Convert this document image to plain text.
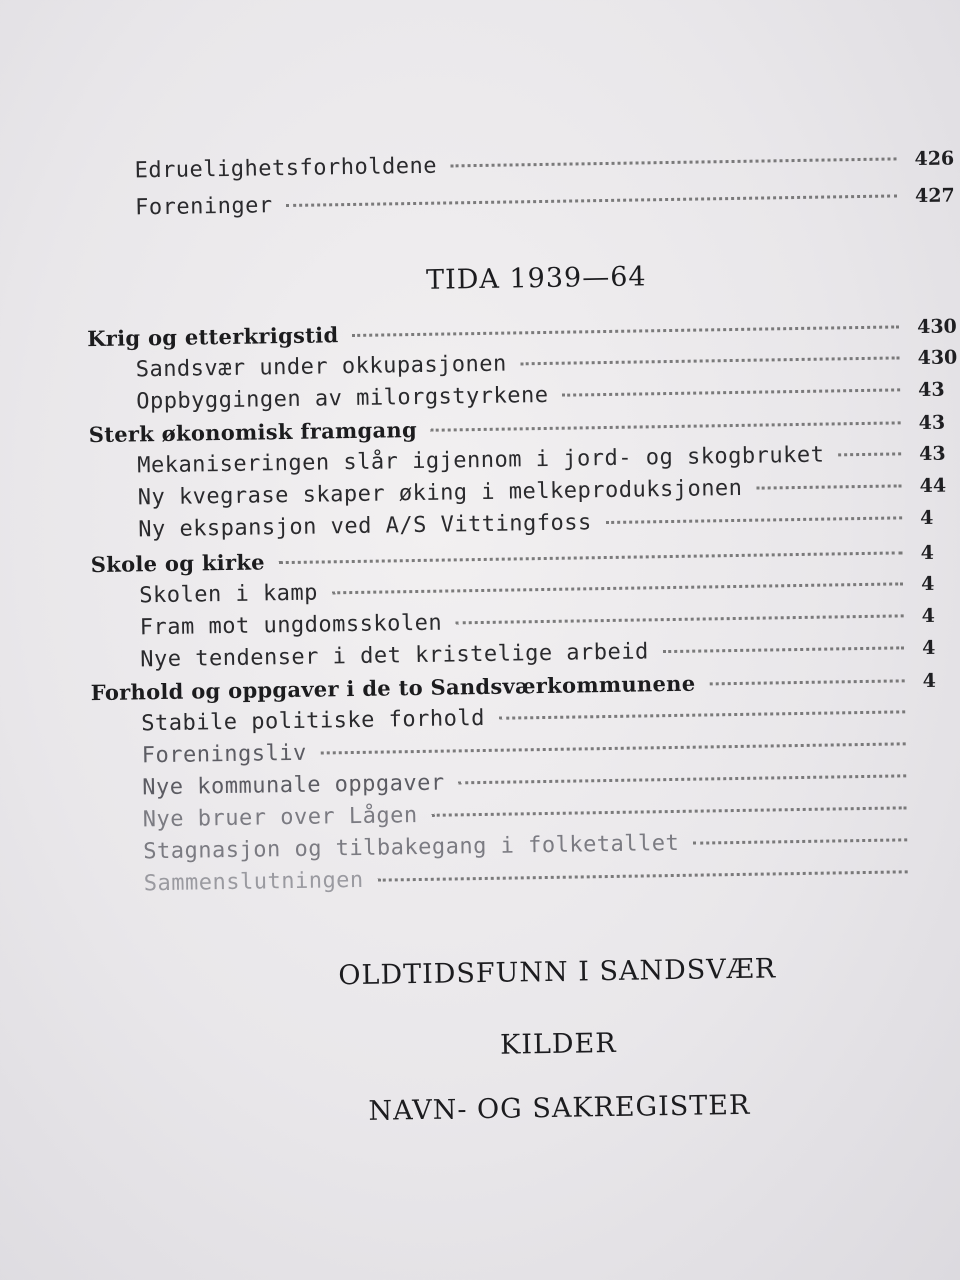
Edruelighetsforholdene	426
Foreninger	427
TIDA 1939—64
Krig og etterkrigstid	430
Sandsvær under okkupasjonen	430
Oppbyggingen av milorgstyrkene	43
Sterk økonomisk framgang	43
Mekaniseringen slår igjennom i jord- og skogbruket	43
Ny kvegrase skaper øking i melkeproduksjonen	44
Ny ekspansjon ved A/S Vittingfoss	4
Skole og kirke	4
Skolen i kamp	4
Fram mot ungdomsskolen	4
Nye tendenser i det kristelige arbeid	4
Forhold og oppgaver i de to Sandsværkommunene	4
Stabile politiske forhold
Foreningsliv
Nye kommunale oppgaver
Nye bruer over Lågen
Stagnasjon og tilbakegang i folketallet
Sammenslutningen
OLDTIDSFUNN I SANDSVÆR
KILDER
NAVN- OG SAKREGISTER
